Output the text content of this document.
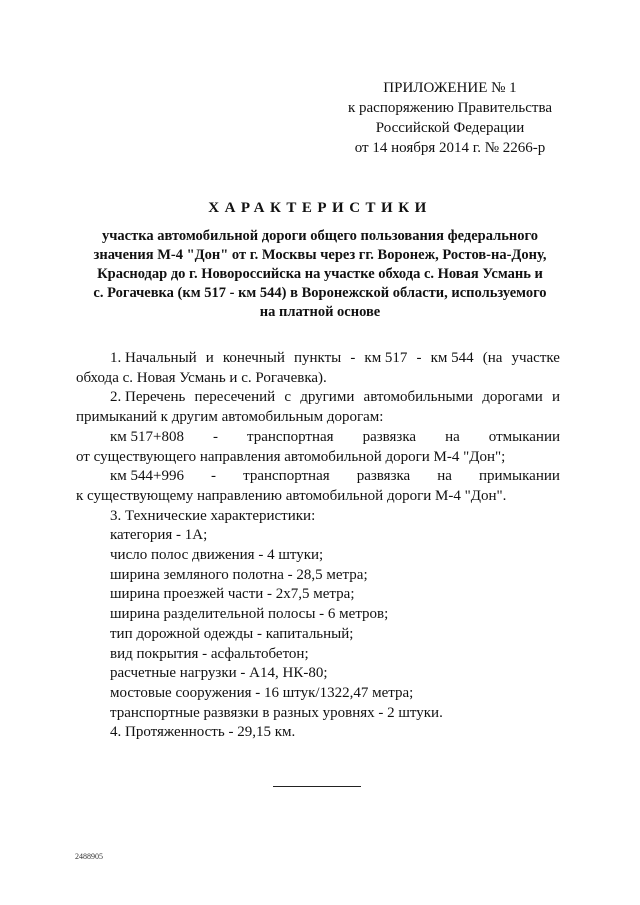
ПРИЛОЖЕНИЕ № 1
к распоряжению Правительства
Российской Федерации
от 14 ноября 2014 г. № 2266-р
ХАРАКТЕРИСТИКИ
участка автомобильной дороги общего пользования федерального
значения М-4 "Дон" от г. Москвы через гг. Воронеж, Ростов-на-Дону,
Краснодар до г. Новороссийска на участке обхода с. Новая Усмань и
с. Рогачевка (км 517 - км 544) в Воронежской области, используемого
на платной основе
1. Начальный и конечный пункты - км 517 - км 544 (на участке
обхода с. Новая Усмань и с. Рогачевка).
2. Перечень пересечений с другими автомобильными дорогами и
примыканий к другим автомобильным дорогам:
км 517+808 - транспортная развязка на отмыкании
от существующего направления автомобильной дороги М-4 "Дон";
км 544+996 - транспортная развязка на примыкании
к существующему направлению автомобильной дороги М-4 "Дон".
3. Технические характеристики:
категория - 1А;
число полос движения - 4 штуки;
ширина земляного полотна - 28,5 метра;
ширина проезжей части - 2х7,5 метра;
ширина разделительной полосы - 6 метров;
тип дорожной одежды - капитальный;
вид покрытия - асфальтобетон;
расчетные нагрузки - А14, НК-80;
мостовые сооружения - 16 штук/1322,47 метра;
транспортные развязки в разных уровнях - 2 штуки.
4. Протяженность - 29,15 км.
2488905
